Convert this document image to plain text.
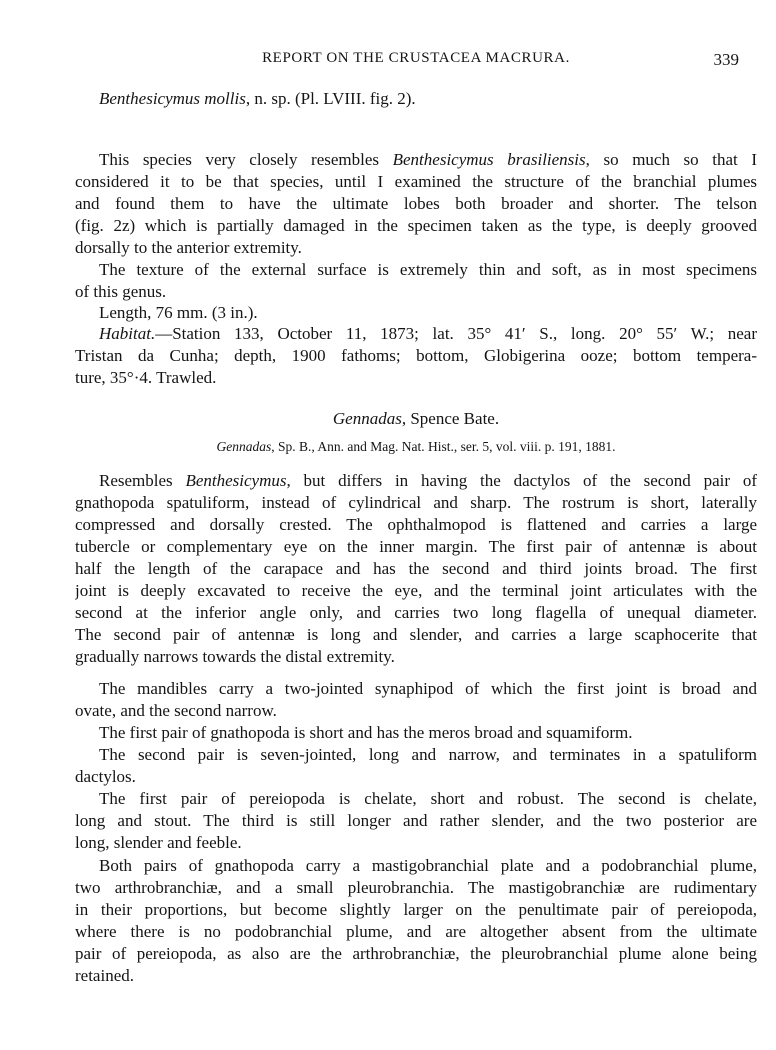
REPORT ON THE CRUSTACEA MACRURA.	339
Benthesicymus mollis, n. sp. (Pl. LVIII. fig. 2).
This species very closely resembles Benthesicymus brasiliensis, so much so that I
considered it to be that species, until I examined the structure of the branchial plumes
and found them to have the ultimate lobes both broader and shorter. The telson
(fig. 2z) which is partially damaged in the specimen taken as the type, is deeply grooved
dorsally to the anterior extremity.
The texture of the external surface is extremely thin and soft, as in most specimens
of this genus.
Length, 76 mm. (3 in.).
Habitat.—Station 133, October 11, 1873; lat. 35° 41′ S., long. 20° 55′ W.; near
Tristan da Cunha; depth, 1900 fathoms; bottom, Globigerina ooze; bottom tempera-
ture, 35°·4. Trawled.
Gennadas, Spence Bate.
Gennadas, Sp. B., Ann. and Mag. Nat. Hist., ser. 5, vol. viii. p. 191, 1881.
Resembles Benthesicymus, but differs in having the dactylos of the second pair of
gnathopoda spatuliform, instead of cylindrical and sharp. The rostrum is short, laterally
compressed and dorsally crested. The ophthalmopod is flattened and carries a large
tubercle or complementary eye on the inner margin. The first pair of antennæ is about
half the length of the carapace and has the second and third joints broad. The first
joint is deeply excavated to receive the eye, and the terminal joint articulates with the
second at the inferior angle only, and carries two long flagella of unequal diameter.
The second pair of antennæ is long and slender, and carries a large scaphocerite that
gradually narrows towards the distal extremity.
The mandibles carry a two-jointed synaphipod of which the first joint is broad and
ovate, and the second narrow.
The first pair of gnathopoda is short and has the meros broad and squamiform.
The second pair is seven-jointed, long and narrow, and terminates in a spatuliform
dactylos.
The first pair of pereiopoda is chelate, short and robust. The second is chelate,
long and stout. The third is still longer and rather slender, and the two posterior are
long, slender and feeble.
Both pairs of gnathopoda carry a mastigobranchial plate and a podobranchial plume,
two arthrobranchiæ, and a small pleurobranchia. The mastigobranchiæ are rudimentary
in their proportions, but become slightly larger on the penultimate pair of pereiopoda,
where there is no podobranchial plume, and are altogether absent from the ultimate
pair of pereiopoda, as also are the arthrobranchiæ, the pleurobranchial plume alone being
retained.
